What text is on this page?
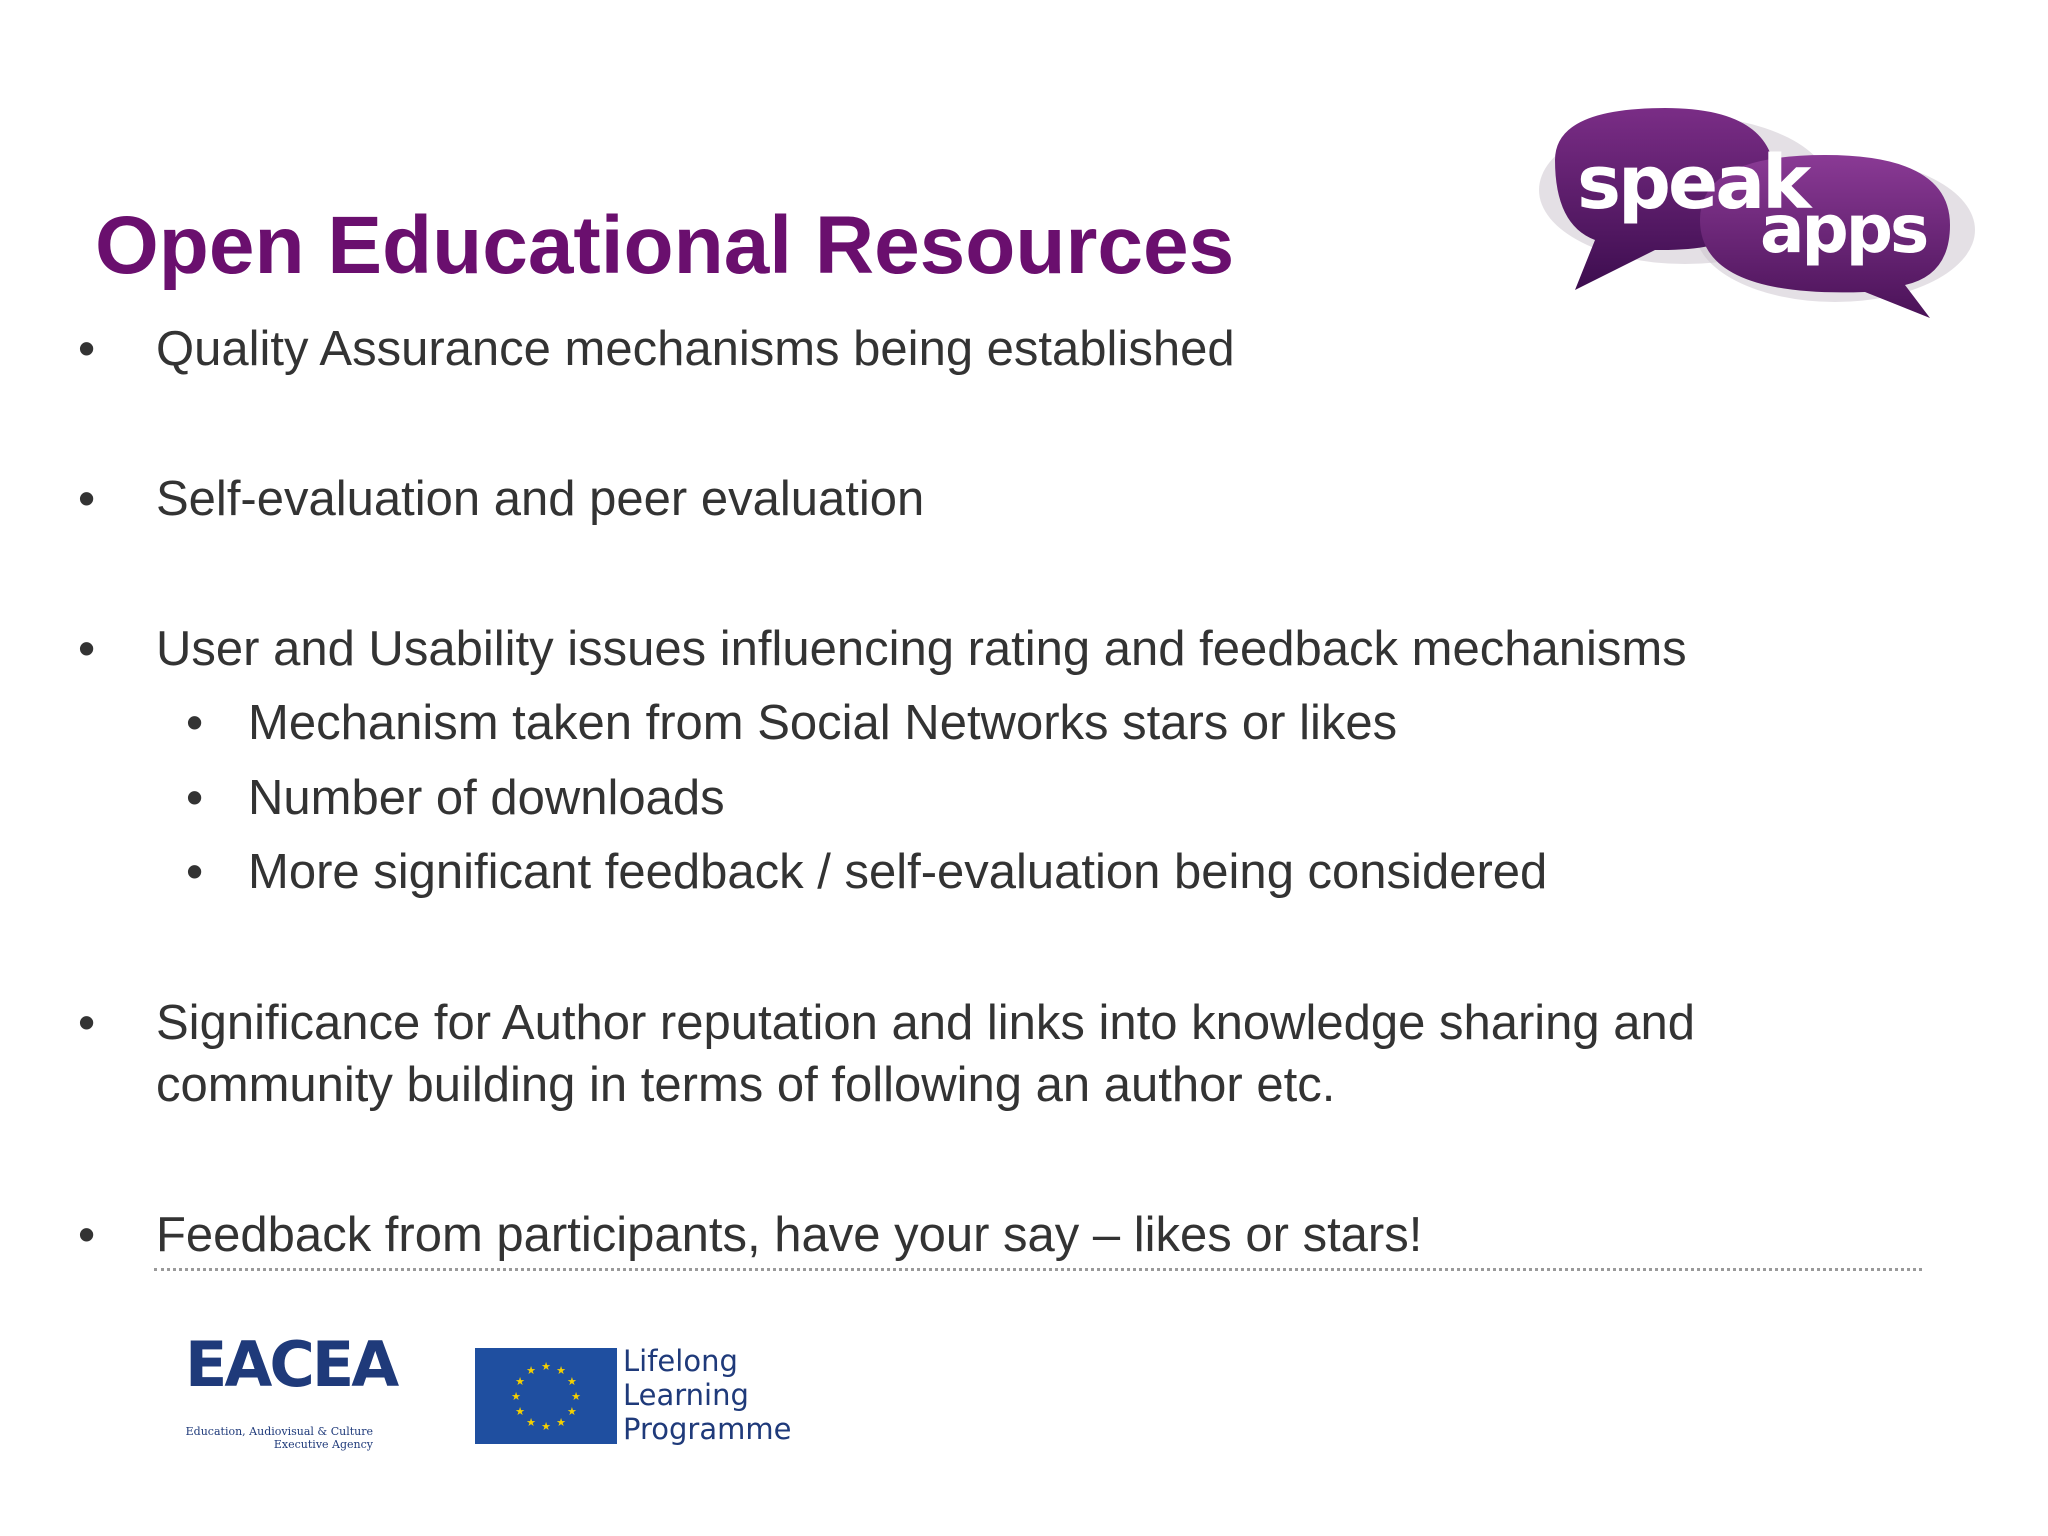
Open Educational Resources
speak
apps
• Quality Assurance mechanisms being established
• Self-evaluation and peer evaluation
• User and Usability issues influencing rating and feedback mechanisms
• Mechanism taken from Social Networks stars or likes
• Number of downloads
• More significant feedback / self-evaluation being considered
• Significance for Author reputation and links into knowledge sharing and
community building in terms of following an author etc.
• Feedback from participants, have your say – likes or stars!
EACEA
Education, Audiovisual & Culture
Executive Agency
★ ★
★
★
★
★
★
★
★
★
★
★	Lifelong
Learning
Programme
